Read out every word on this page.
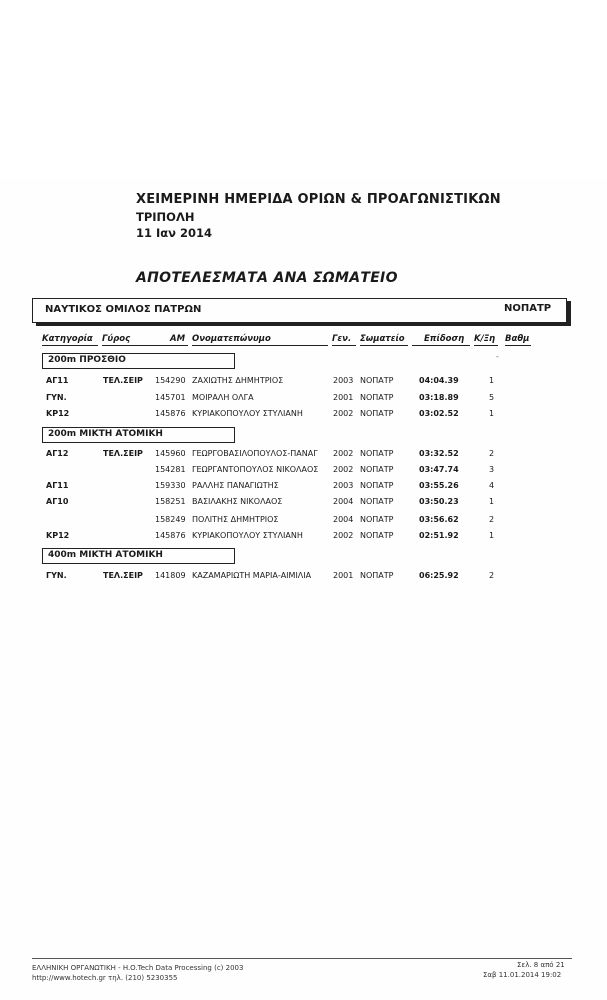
ΧΕΙΜΕΡΙΝΗ ΗΜΕΡΙΔΑ ΟΡΙΩΝ & ΠΡΟΑΓΩΝΙΣΤΙΚΩΝ
ΤΡΙΠΟΛΗ
11 Ιαν 2014
ΑΠΟΤΕΛΕΣΜΑΤΑ ΑΝΑ ΣΩΜΑΤΕΙΟ
ΝΑΥΤΙΚΟΣ ΟΜΙΛΟΣ ΠΑΤΡΩΝ	ΝΟΠΑΤΡ
Κατηγορία Γύρος	ΑΜ Ονοματεπώνυμο	Γεν. Σωματείο Επίδοση Κ/Ξη Βαθμ
-
200m ΠΡΟΣΘΙΟ
ΑΓ11	ΤΕΛ.ΣΕΙΡ 154290 ΖΑΧΙΩΤΗΣ ΔΗΜΗΤΡΙΟΣ	2003 ΝΟΠΑΤΡ	04:04.39	1
ΓΥΝ.	145701 ΜΟΙΡΑΛΗ ΟΛΓΑ	2001 ΝΟΠΑΤΡ	03:18.89	5
ΚΡ12	145876 ΚΥΡΙΑΚΟΠΟΥΛΟΥ ΣΤΥΛΙΑΝΗ	2002 ΝΟΠΑΤΡ	03:02.52	1
200m ΜΙΚΤΗ ΑΤΟΜΙΚΗ
ΑΓ12	ΤΕΛ.ΣΕΙΡ 145960 ΓΕΩΡΓΟΒΑΣΙΛΟΠΟΥΛΟΣ-ΠΑΝΑΓ 2002 ΝΟΠΑΤΡ	03:32.52	2
154281 ΓΕΩΡΓΑΝΤΟΠΟΥΛΟΣ ΝΙΚΟΛΑΟΣ 2002 ΝΟΠΑΤΡ	03:47.74	3
ΑΓ11	159330 ΡΑΛΛΗΣ ΠΑΝΑΓΙΩΤΗΣ	2003 ΝΟΠΑΤΡ	03:55.26	4
ΑΓ10	158251 ΒΑΣΙΛΑΚΗΣ ΝΙΚΟΛΑΟΣ	2004 ΝΟΠΑΤΡ	03:50.23	1
158249 ΠΟΛΙΤΗΣ ΔΗΜΗΤΡΙΟΣ	2004 ΝΟΠΑΤΡ	03:56.62	2
ΚΡ12	145876 ΚΥΡΙΑΚΟΠΟΥΛΟΥ ΣΤΥΛΙΑΝΗ	2002 ΝΟΠΑΤΡ	02:51.92	1
400m ΜΙΚΤΗ ΑΤΟΜΙΚΗ
ΓΥΝ.	ΤΕΛ.ΣΕΙΡ 141809 ΚΑΖΑΜΑΡΙΩΤΗ ΜΑΡΙΑ-ΑΙΜΙΛΙΑ	2001 ΝΟΠΑΤΡ	06:25.92	2
ΕΛΛΗΝΙΚΗ ΟΡΓΑΝΩΤΙΚΗ - H.O.Tech Data Processing (c) 2003
http://www.hotech.gr τηλ. (210) 5230355
Σελ. 8 από 21
Σαβ 11.01.2014 19:02
